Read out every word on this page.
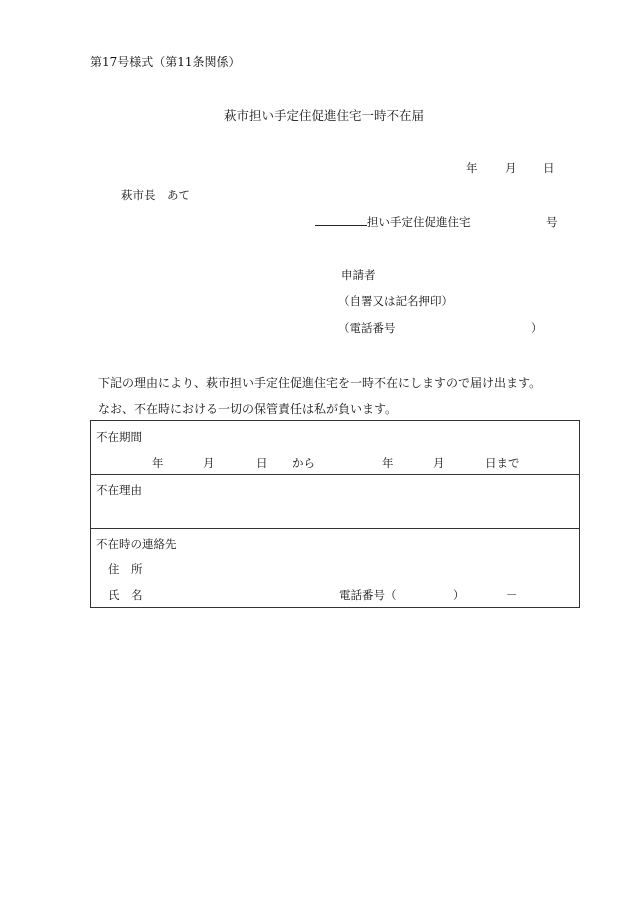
第17号様式（第11条関係）
萩市担い手定住促進住宅一時不在届
年 月 日
萩市長　あて
担い手定住促進住宅	号
申請者
（自署又は記名押印）
（電話番号	）
下記の理由により、萩市担い手定住促進住宅を一時不在にしますので届け出ます。
なお、不在時における一切の保管責任は私が負います。
不在期間
年	月	日 から	年	月	日まで
不在理由
不在時の連絡先
住　所
氏　名	電話番号（	）	－
